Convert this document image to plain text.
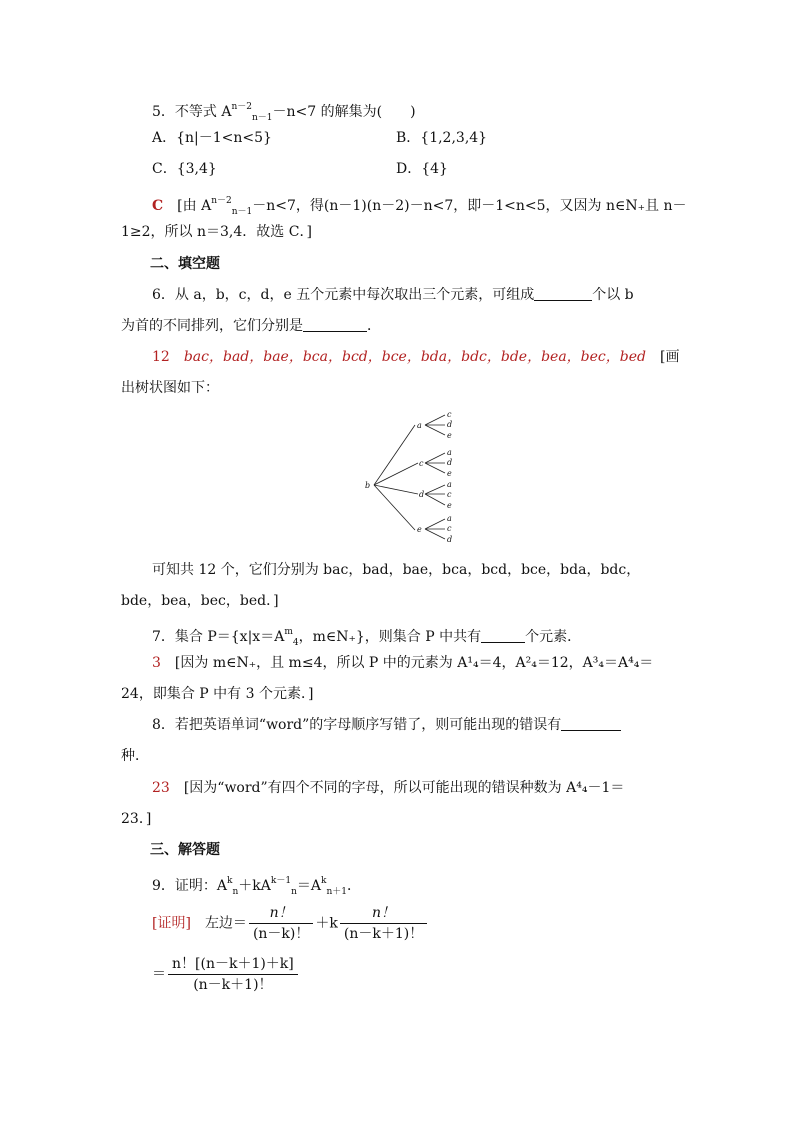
5．不等式 $A^{n-2}_{n-1}-n<7$ 的解集为(　　)
A．{n|－1<n<5}	B．{1,2,3,4}
C．{3,4}	D．{4}
C　 [由 $A^{n-2}_{n-1}-n<7$，得(n－1)(n－2)－n<7，即－1<n<5，又因为 n∈N₊且 n－
1≥2，所以 n＝3,4．故选 C．]
二、填空题
6．从 a，b，c，d，e 五个元素中每次取出三个元素，可组成	个以 b
为首的不同排列，它们分别是	．
12　 bac，bad，bae，bca，bcd，bce，bda，bdc，bde，bea，bec，bed　 [画
出树状图如下：
b
a
c
d
e
c
d
e
a
d
e
a
c
e
a
c
d
可知共 12 个，它们分别为 bac，bad，bae，bca，bcd，bce，bda，bdc，
bde，bea，bec，bed．]
7．集合 $P=\{x|x=A^m_4$，m∈N₊}，则集合 P 中共有	个元素．
3　 [因为 m∈N₊，且 m≤4，所以 P 中的元素为 A¹₄＝4，A²₄＝12，A³₄＝A⁴₄＝
24，即集合 P 中有 3 个元素．]
8．若把英语单词“word”的字母顺序写错了，则可能出现的错误有
种．
23　 [因为“word”有四个不同的字母，所以可能出现的错误种数为 A⁴₄－1＝
23．]
三、解答题
9．证明：$A^k_n+kA^{k-1}_n=A^k_{n+1}$．
[证明]　 左边＝ $\frac{n!}{(n-k)!} +k \frac{n!}{(n-k+1)!}$
＝ $\frac{n![(n-k+1)+k]}{(n-k+1)!}$
